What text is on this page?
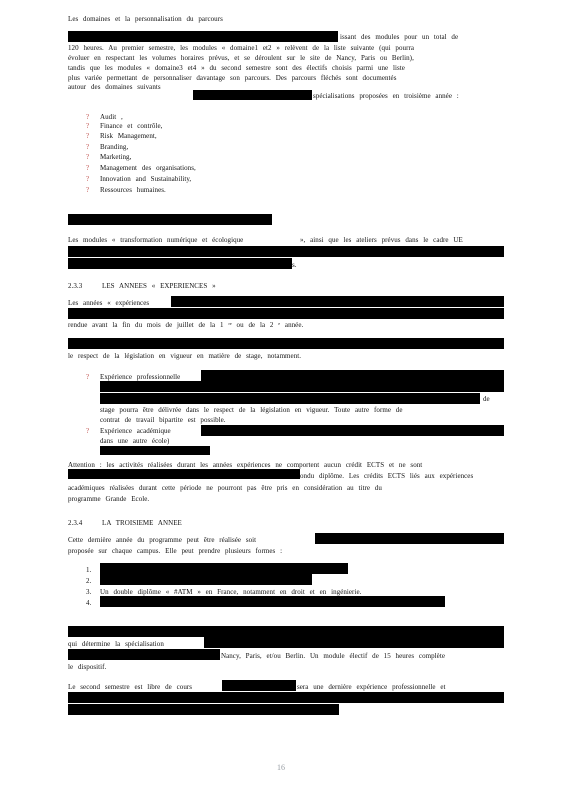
Les domaines et la personnalisation du parcours
issant des modules pour un total de
120 heures. Au premier semestre, les modules « domaine1 et2 » relèvent de la liste suivante (qui pourra
évoluer en respectant les volumes horaires prévus, et se déroulent sur le site de Nancy, Paris ou Berlin),
tandis que les modules « domaine3 et4 » du second semestre sont des électifs choisis parmi une liste
plus variée permettant de personnaliser davantage son parcours. Des parcours fléchés sont documentés
autour des domaines suivants
spécialisations proposées en troisième année :
? Audit ,
? Finance et contrôle,
? Risk Management,
? Branding,
? Marketing,
? Management des organisations,
? Innovation and Sustainability,
? Ressources humaines.
Les modules « transformation numérique et écologique	», ainsi que les ateliers prévus dans le cadre UE
s.
2.3.3	LES ANNEES « EXPERIENCES »
Les années « expériences
rendue avant la fin du mois de juillet de la 1 ʳᵉ ou de la 2 ᵉ année.
le respect de la législation en vigueur en matière de stage, notamment.
? Expérience professionnelle
de
stage pourra être délivrée dans le respect de la législation en vigueur. Toute autre forme de
contrat de travail bipartite est possible.
? Expérience académique
dans une autre école)
Attention : les activités réalisées durant les années expériences ne comportent aucun crédit ECTS et ne sont
ondu diplôme. Les crédits ECTS liés aux expériences
académiques réalisées durant cette période ne pourront pas être pris en considération au titre du
programme Grande Ecole.
2.3.4	LA TROISIEME ANNEE
Cette dernière année du programme peut être réalisée soit
proposée sur chaque campus. Elle peut prendre plusieurs formes :
1.
2.
3. Un double diplôme « #ATM » en France, notamment en droit et en ingénierie.
4.
qui détermine la spécialisation
Nancy, Paris, et/ou Berlin. Un module électif de 15 heures complète
le dispositif.
Le second semestre est libre de cours	sera une dernière expérience professionnelle et
16
